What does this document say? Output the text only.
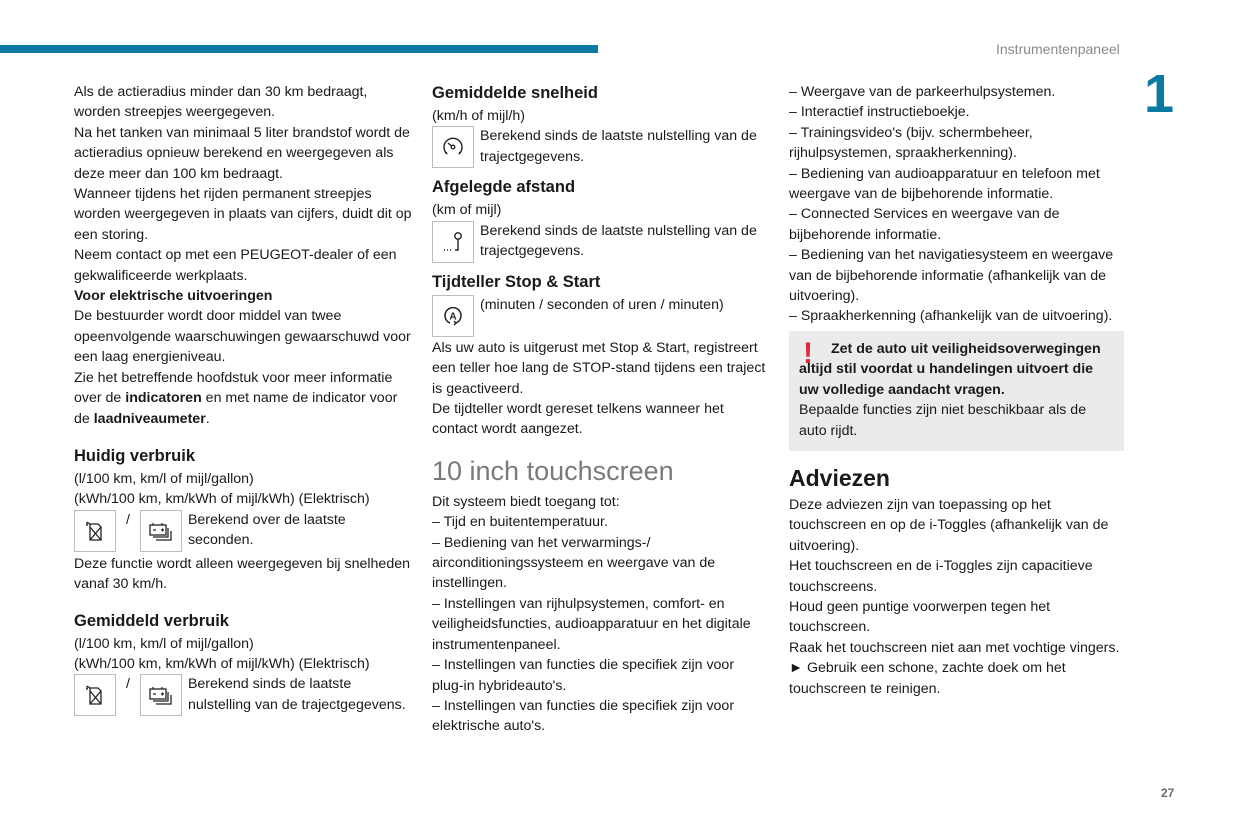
Instrumentenpaneel
1
Als de actieradius minder dan 30 km bedraagt, worden streepjes weergegeven.
Na het tanken van minimaal 5 liter brandstof wordt de actieradius opnieuw berekend en weergegeven als deze meer dan 100 km bedraagt.
Wanneer tijdens het rijden permanent streepjes worden weergegeven in plaats van cijfers, duidt dit op een storing.
Neem contact op met een PEUGEOT-dealer of een gekwalificeerde werkplaats.
Voor elektrische uitvoeringen
De bestuurder wordt door middel van twee opeenvolgende waarschuwingen gewaarschuwd voor een laag energieniveau.
Zie het betreffende hoofdstuk voor meer informatie over de indicatoren en met name de indicator voor de laadniveaumeter.
Huidig verbruik
(l/100 km, km/l of mijl/gallon)
(kWh/100 km, km/kWh of mijl/kWh) (Elektrisch)
/	Berekend over de laatste seconden.
Deze functie wordt alleen weergegeven bij snelheden vanaf 30 km/h.
Gemiddeld verbruik
(l/100 km, km/l of mijl/gallon)
(kWh/100 km, km/kWh of mijl/kWh) (Elektrisch)
/	Berekend sinds de laatste nulstelling van de trajectgegevens.
Gemiddelde snelheid
(km/h of mijl/h)
Berekend sinds de laatste nulstelling van de trajectgegevens.
Afgelegde afstand
(km of mijl)
Berekend sinds de laatste nulstelling van de trajectgegevens.
Tijdteller Stop & Start
A
(minuten / seconden of uren / minuten)
Als uw auto is uitgerust met Stop & Start, registreert een teller hoe lang de STOP-stand tijdens een traject is geactiveerd.
De tijdteller wordt gereset telkens wanneer het contact wordt aangezet.
10 inch touchscreen
Dit systeem biedt toegang tot:
– Tijd en buitentemperatuur.
– Bediening van het verwarmings-/ airconditioningssysteem en weergave van de instellingen.
– Instellingen van rijhulpsystemen, comfort- en veiligheidsfuncties, audioapparatuur en het digitale instrumentenpaneel.
– Instellingen van functies die specifiek zijn voor plug-in hybrideauto's.
– Instellingen van functies die specifiek zijn voor elektrische auto's.
– Weergave van de parkeerhulpsystemen.
– Interactief instructieboekje.
– Trainingsvideo's (bijv. schermbeheer, rijhulpsystemen, spraakherkenning).
– Bediening van audioapparatuur en telefoon met weergave van de bijbehorende informatie.
– Connected Services en weergave van de bijbehorende informatie.
– Bediening van het navigatiesysteem en weergave van de bijbehorende informatie (afhankelijk van de uitvoering).
– Spraakherkenning (afhankelijk van de uitvoering).
!	Zet de auto uit veiligheidsoverwegingen altijd stil voordat u handelingen uitvoert die uw volledige aandacht vragen.
Bepaalde functies zijn niet beschikbaar als de auto rijdt.
Adviezen
Deze adviezen zijn van toepassing op het touchscreen en op de i-Toggles (afhankelijk van de uitvoering).
Het touchscreen en de i-Toggles zijn capacitieve touchscreens.
Houd geen puntige voorwerpen tegen het touchscreen.
Raak het touchscreen niet aan met vochtige vingers.
► Gebruik een schone, zachte doek om het touchscreen te reinigen.
27
